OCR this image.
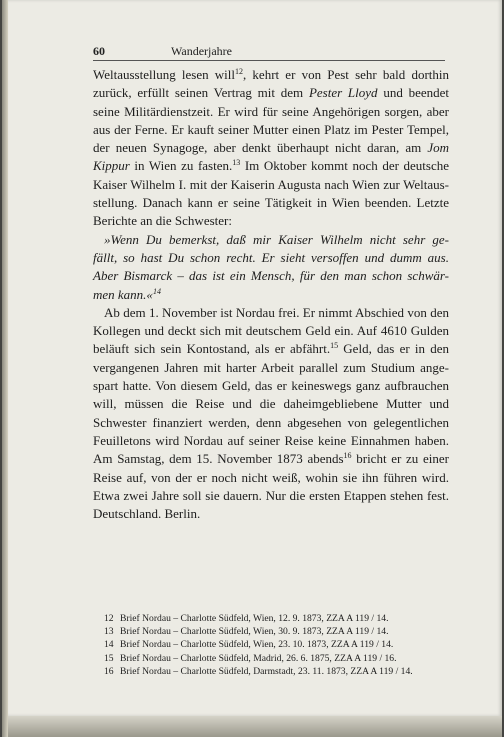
60	Wanderjahre
Weltausstellung lesen will$^{12}$, kehrt er von Pest sehr bald dorthin
zurück, erfüllt seinen Vertrag mit dem Pester Lloyd und beendet
seine Militärdienstzeit. Er wird für seine Angehörigen sorgen, aber
aus der Ferne. Er kauft seiner Mutter einen Platz im Pester Tempel,
der neuen Synagoge, aber denkt überhaupt nicht daran, am Jom
Kippur in Wien zu fasten.$^{13}$ Im Oktober kommt noch der deutsche
Kaiser Wilhelm I. mit der Kaiserin Augusta nach Wien zur Weltaus-
stellung. Danach kann er seine Tätigkeit in Wien beenden. Letzte
Berichte an die Schwester:
»Wenn Du bemerkst, daß mir Kaiser Wilhelm nicht sehr ge-
fällt, so hast Du schon recht. Er sieht versoffen und dumm aus.
Aber Bismarck – das ist ein Mensch, für den man schon schwär-
men kann.«$^{14}$
Ab dem 1. November ist Nordau frei. Er nimmt Abschied von den
Kollegen und deckt sich mit deutschem Geld ein. Auf 4610 Gulden
beläuft sich sein Kontostand, als er abfährt.$^{15}$ Geld, das er in den
vergangenen Jahren mit harter Arbeit parallel zum Studium ange-
spart hatte. Von diesem Geld, das er keineswegs ganz aufbrauchen
will, müssen die Reise und die daheimgebliebene Mutter und
Schwester finanziert werden, denn abgesehen von gelegentlichen
Feuilletons wird Nordau auf seiner Reise keine Einnahmen haben.
Am Samstag, dem 15. November 1873 abends$^{16}$ bricht er zu einer
Reise auf, von der er noch nicht weiß, wohin sie ihn führen wird.
Etwa zwei Jahre soll sie dauern. Nur die ersten Etappen stehen fest.
Deutschland. Berlin.
12 Brief Nordau – Charlotte Südfeld, Wien, 12. 9. 1873, ZZA A 119 / 14.
13 Brief Nordau – Charlotte Südfeld, Wien, 30. 9. 1873, ZZA A 119 / 14.
14 Brief Nordau – Charlotte Südfeld, Wien, 23. 10. 1873, ZZA A 119 / 14.
15 Brief Nordau – Charlotte Südfeld, Madrid, 26. 6. 1875, ZZA A 119 / 16.
16 Brief Nordau – Charlotte Südfeld, Darmstadt, 23. 11. 1873, ZZA A 119 / 14.
